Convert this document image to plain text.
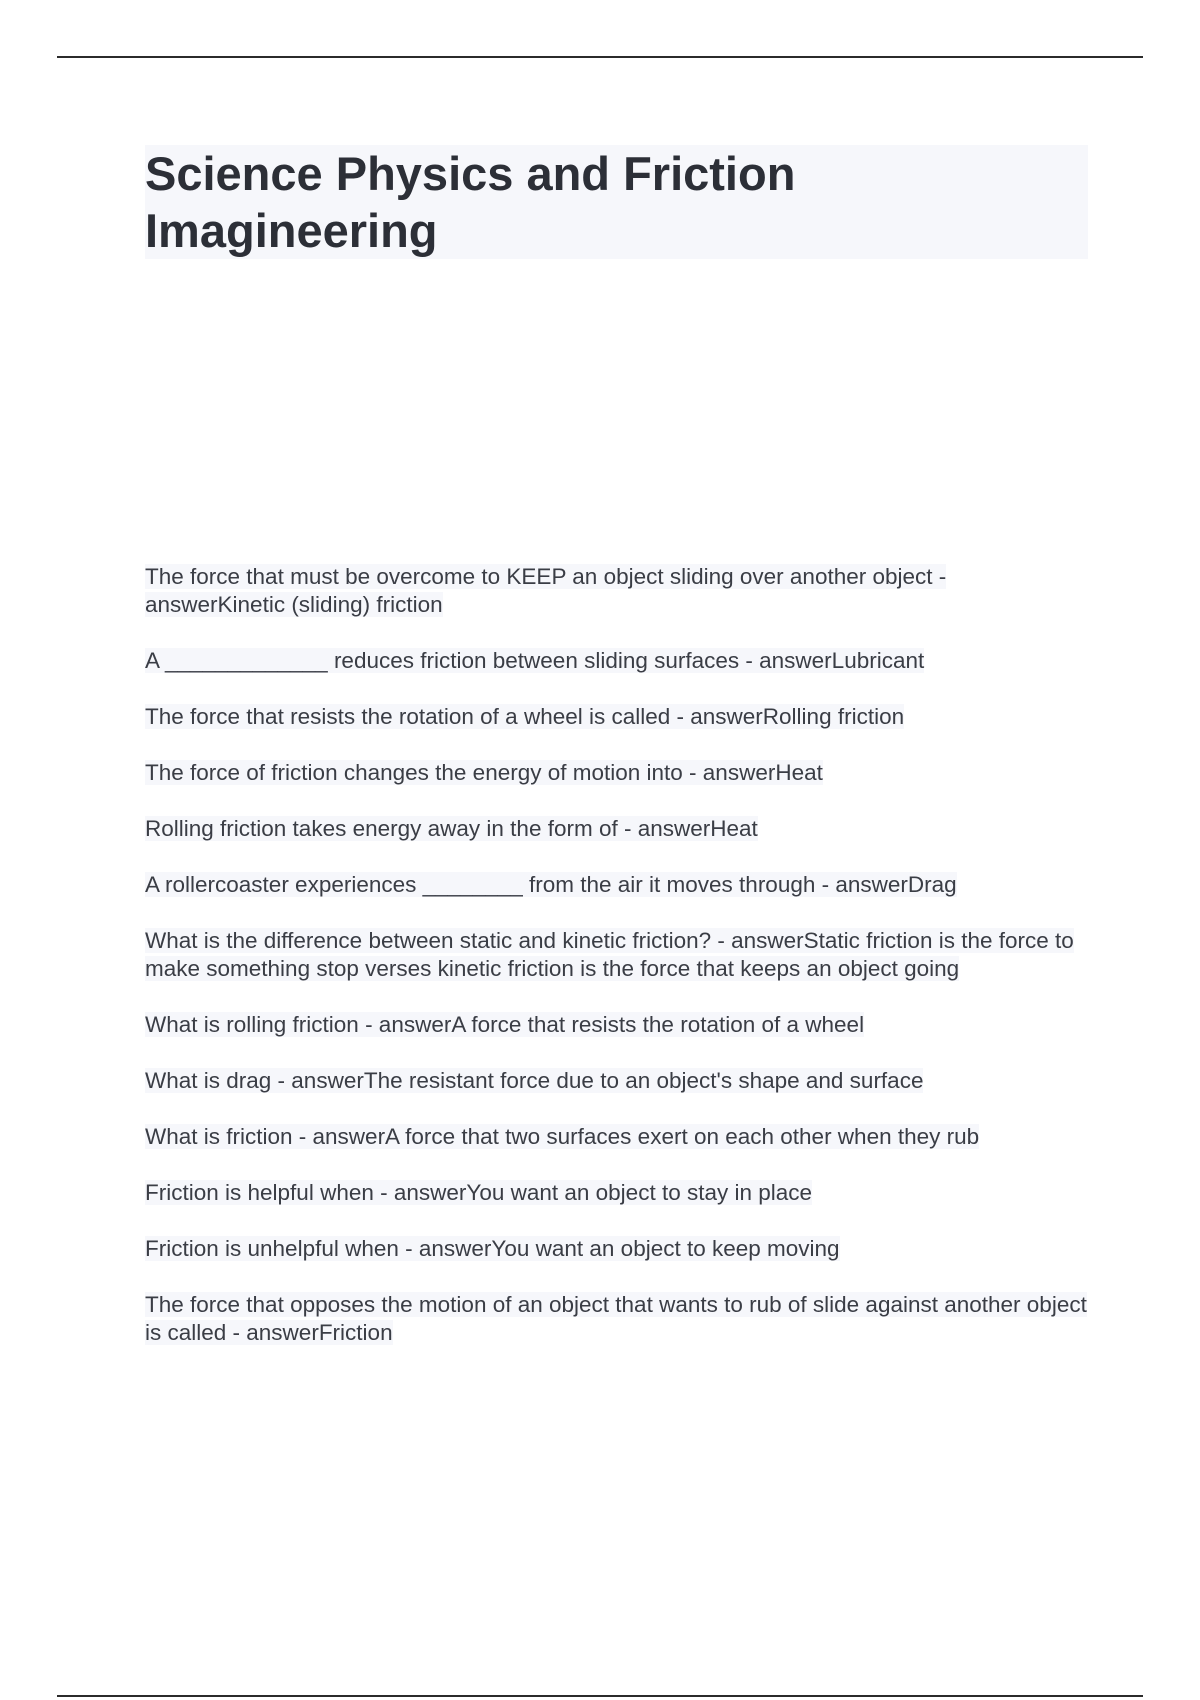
Science Physics and Friction
Imagineering
The force that must be overcome to KEEP an object sliding over another object - answerKinetic (sliding) friction
A _____________ reduces friction between sliding surfaces - answerLubricant
The force that resists the rotation of a wheel is called - answerRolling friction
The force of friction changes the energy of motion into - answerHeat
Rolling friction takes energy away in the form of - answerHeat
A rollercoaster experiences ________ from the air it moves through - answerDrag
What is the difference between static and kinetic friction? - answerStatic friction is the force to make something stop verses kinetic friction is the force that keeps an object going
What is rolling friction - answerA force that resists the rotation of a wheel
What is drag - answerThe resistant force due to an object's shape and surface
What is friction - answerA force that two surfaces exert on each other when they rub
Friction is helpful when - answerYou want an object to stay in place
Friction is unhelpful when - answerYou want an object to keep moving
The force that opposes the motion of an object that wants to rub of slide against another object is called - answerFriction
